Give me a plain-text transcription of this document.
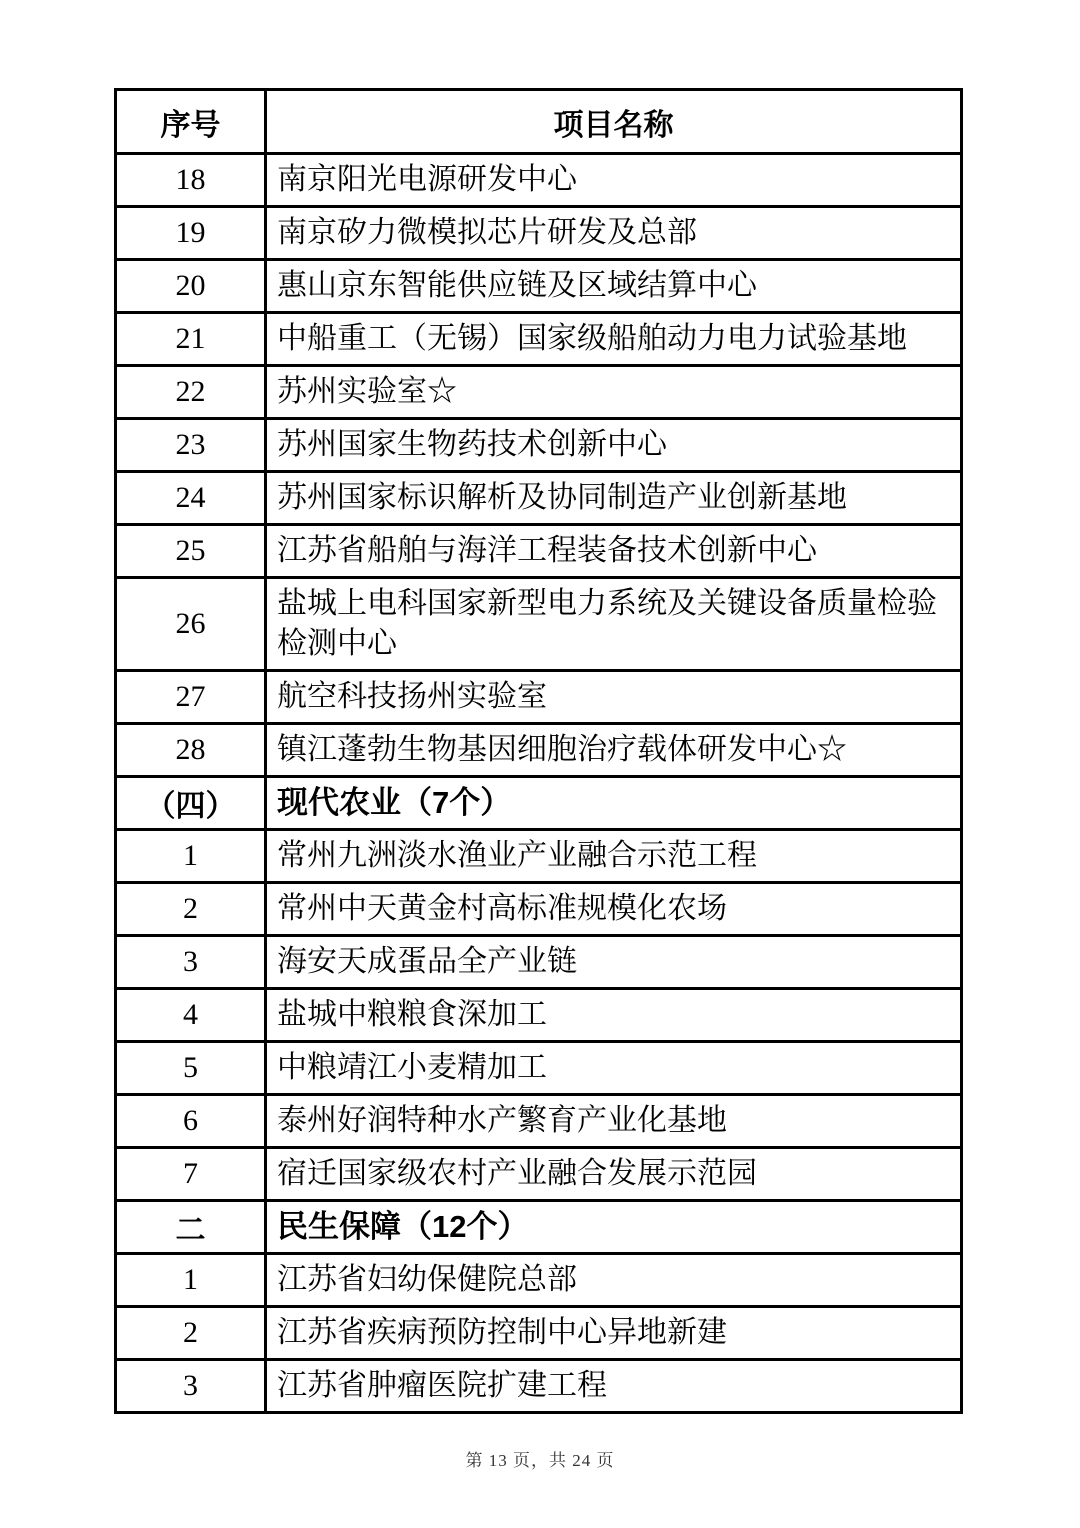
序号	项目名称
18	南京阳光电源研发中心
19	南京矽力微模拟芯片研发及总部
20	惠山京东智能供应链及区域结算中心
21	中船重工（无锡）国家级船舶动力电力试验基地
22	苏州实验室☆
23	苏州国家生物药技术创新中心
24	苏州国家标识解析及协同制造产业创新基地
25	江苏省船舶与海洋工程装备技术创新中心
26	盐城上电科国家新型电力系统及关键设备质量检验检测中心
27	航空科技扬州实验室
28	镇江蓬勃生物基因细胞治疗载体研发中心☆
（四）	现代农业（7个）
1	常州九洲淡水渔业产业融合示范工程
2	常州中天黄金村高标准规模化农场
3	海安天成蛋品全产业链
4	盐城中粮粮食深加工
5	中粮靖江小麦精加工
6	泰州好润特种水产繁育产业化基地
7	宿迁国家级农村产业融合发展示范园
二	民生保障（12个）
1	江苏省妇幼保健院总部
2	江苏省疾病预防控制中心异地新建
3	江苏省肿瘤医院扩建工程
第 13 页，共 24 页
